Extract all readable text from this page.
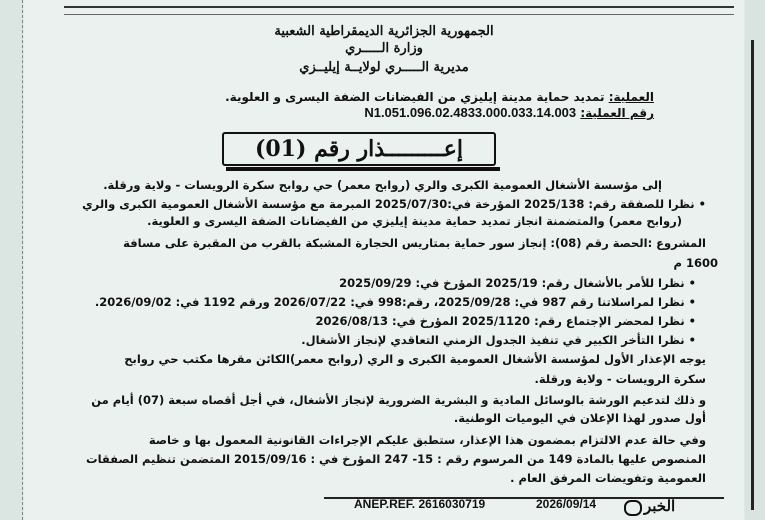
الجمهورية الجزائرية الديمقراطية الشعبية
وزارة الـــــري
مديرية الـــــري لولايــة إيليــزي
العملية: تمديد حماية مدينة إيليزي من الفيضانات الضفة اليسرى و العلوية.
رقم العملية: N1.051.096.02.4833.000.033.14.003
إعـــــــــذار رقم (01)
إلى مؤسسة الأشغال العمومية الكبرى والري (روابح معمر) حي روابح سكرة الرويسات - ولاية ورقلة.
• نظرا للصفقة رقم: 2025/138 المؤرخة في:2025/07/30 المبرمة مع مؤسسة الأشغال العمومية الكبرى والري
(روابح معمر) والمتضمنة انجاز تمديد حماية مدينة إيليزي من الفيضانات الضفة اليسرى و العلوية.
المشروع :الحصة رقم (08): إنجاز سور حماية بمتاريس الحجارة المشبكة بالقرب من المقبرة على مسافة
1600 م
• نظرا للأمر بالأشغال رقم: 2025/19 المؤرخ في: 2025/09/29
• نظرا لمراسلاتنا رقم 987 في: 2025/09/28، رقم:998 في: 2026/07/22 ورقم 1192 في: 2026/09/02.
• نظرا لمحضر الإجتماع رقم: 2025/1120 المؤرخ في: 2026/08/13
• نظرا التأخر الكبير في تنفيذ الجدول الزمني التعاقدي لإنجاز الأشغال.
يوجه الإعذار الأول لمؤسسة الأشغال العمومية الكبرى و الري (روابح معمر)الكائن مقرها مكتب حي روابح
سكرة الرويسات - ولاية ورقلة.
و ذلك لتدعيم الورشة بالوسائل المادية و البشرية الضرورية لإنجاز الأشغال، في أجل أقصاه سبعة (07) أيام من
أول صدور لهذا الإعلان في اليوميات الوطنية.
وفي حالة عدم الالتزام بمضمون هذا الإعذار، ستطبق عليكم الإجراءات القانونية المعمول بها و خاصة
المنصوص عليها بالمادة 149 من المرسوم رقم : 15- 247 المؤرخ في : 2015/09/16 المتضمن تنظيم الصفقات
العمومية وتفويضات المرفق العام .
ANEP.REF. 2616030719	2026/09/14	الخبر
